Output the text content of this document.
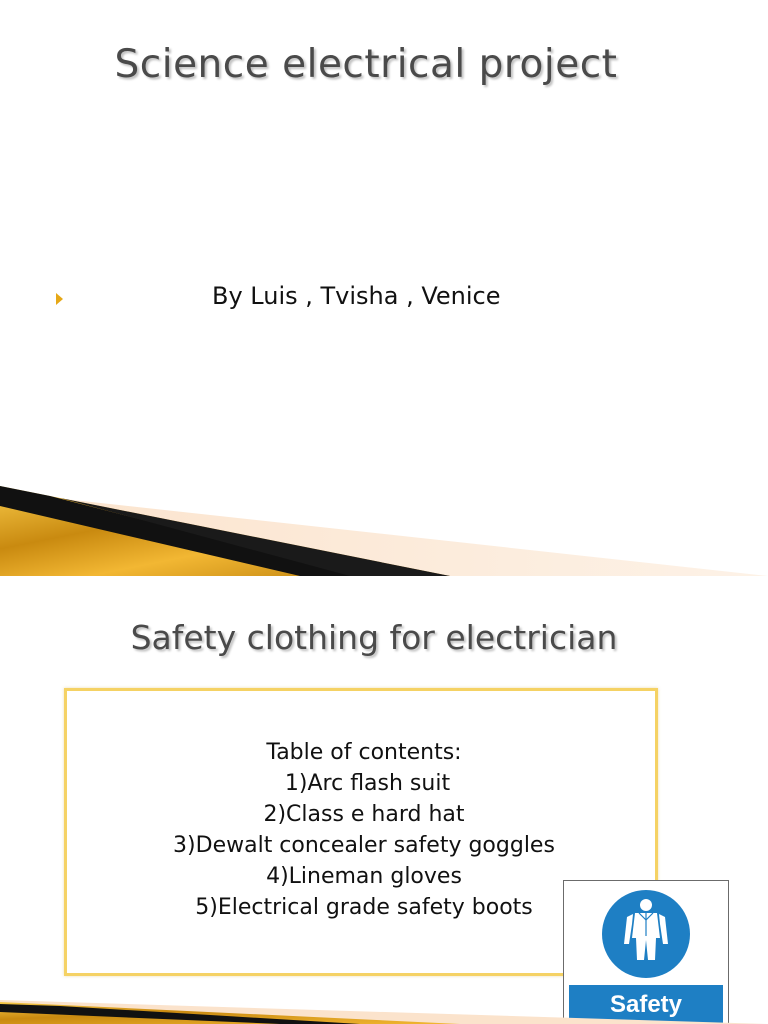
Science electrical project
By Luis , Tvisha , Venice
Safety clothing for electrician
Table of contents:
1)Arc flash suit
2)Class e hard hat
3)Dewalt concealer safety goggles
4)Lineman gloves
5)Electrical grade safety boots
Safety
